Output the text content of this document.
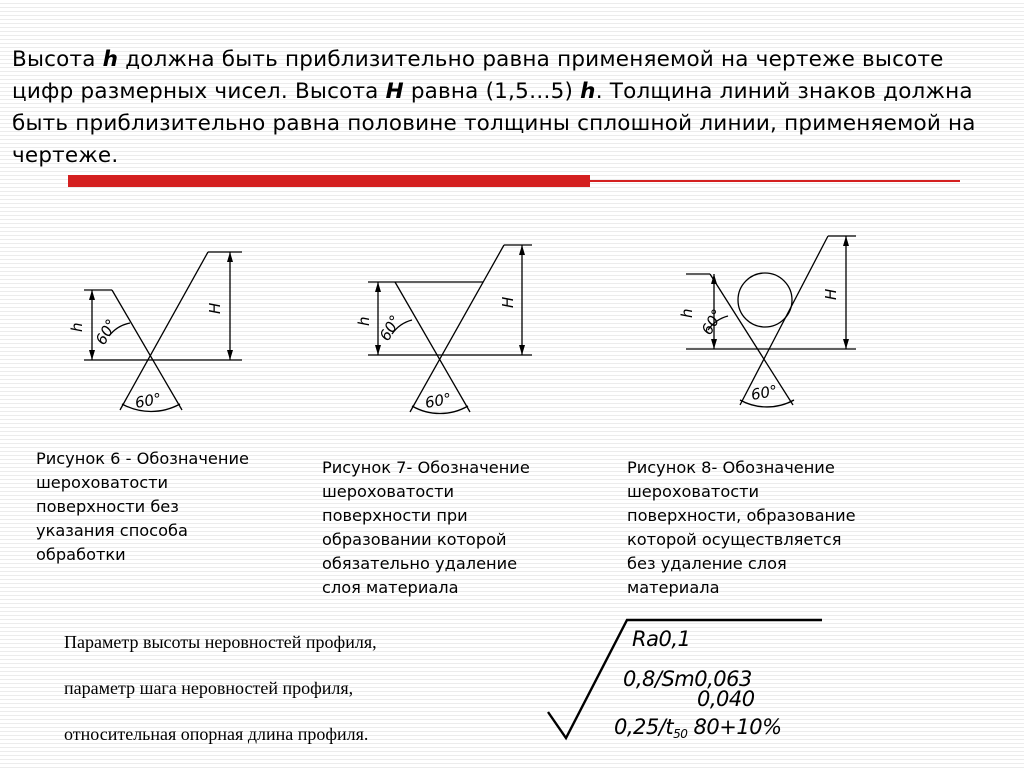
Высота h должна быть приблизительно равна применяемой на чертеже высоте цифр размерных чисел. Высота H равна (1,5…5) h. Толщина линий знаков должна быть приблизительно равна половине толщины сплошной линии, применяемой на чертеже.

h
H
60°
60°
h
H
60°
60°
h
H
60°
60°

Рисунок 6 - Обозначение
шероховатости
поверхности без
указания способа
обработки

Рисунок 7- Обозначение
шероховатости
поверхности при
образовании которой
обязательно удаление
слоя материала

Рисунок 8- Обозначение
шероховатости
поверхности, образование
которой осуществляется
без удаление слоя
материала

Параметр высоты неровностей профиля,
параметр шага неровностей профиля,
относительная опорная длина профиля.
Ra0,1
0,8/Sm0,063
0,040
0,25/t50 80+10%
